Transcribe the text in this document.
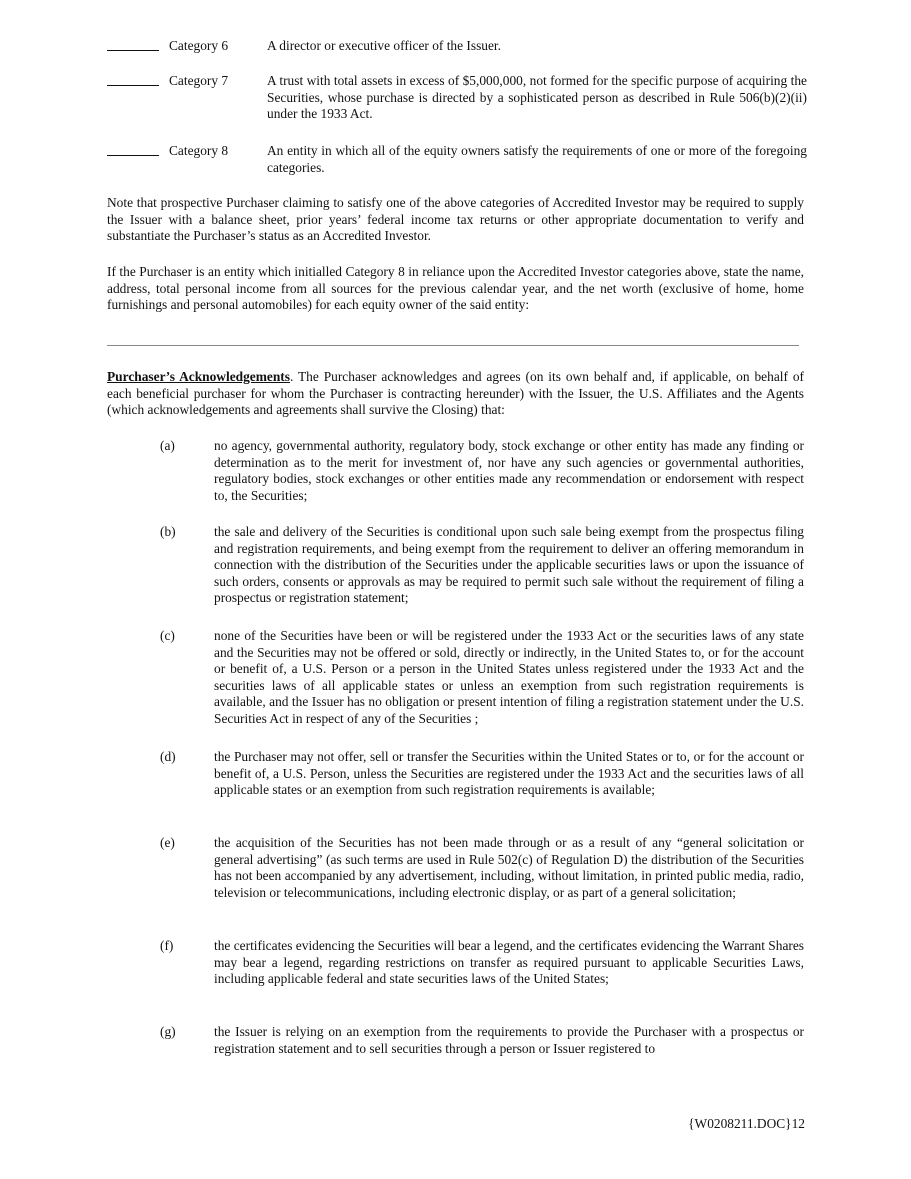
Category 6	A director or executive officer of the Issuer.
Category 7	A trust with total assets in excess of $5,000,000, not formed for the specific purpose of acquiring the Securities, whose purchase is directed by a sophisticated person as described in Rule 506(b)(2)(ii) under the 1933 Act.
Category 8	An entity in which all of the equity owners satisfy the requirements of one or more of the foregoing categories.

Note that prospective Purchaser claiming to satisfy one of the above categories of Accredited Investor may be required to supply the Issuer with a balance sheet, prior years’ federal income tax returns or other appropriate documentation to verify and substantiate the Purchaser’s status as an Accredited Investor.

If the Purchaser is an entity which initialled Category 8 in reliance upon the Accredited Investor categories above, state the name, address, total personal income from all sources for the previous calendar year, and the net worth (exclusive of home, home furnishings and personal automobiles) for each equity owner of the said entity:

Purchaser’s Acknowledgements. The Purchaser acknowledges and agrees (on its own behalf and, if applicable, on behalf of each beneficial purchaser for whom the Purchaser is contracting hereunder) with the Issuer, the U.S. Affiliates and the Agents (which acknowledgements and agreements shall survive the Closing) that:

(a)	no agency, governmental authority, regulatory body, stock exchange or other entity has made any finding or determination as to the merit for investment of, nor have any such agencies or governmental authorities, regulatory bodies, stock exchanges or other entities made any recommendation or endorsement with respect to, the Securities;
(b)	the sale and delivery of the Securities is conditional upon such sale being exempt from the prospectus filing and registration requirements, and being exempt from the requirement to deliver an offering memorandum in connection with the distribution of the Securities under the applicable securities laws or upon the issuance of such orders, consents or approvals as may be required to permit such sale without the requirement of filing a prospectus or registration statement;
(c)	none of the Securities have been or will be registered under the 1933 Act or the securities laws of any state and the Securities may not be offered or sold, directly or indirectly, in the United States to, or for the account or benefit of, a U.S. Person or a person in the United States unless registered under the 1933 Act and the securities laws of all applicable states or unless an exemption from such registration requirements is available, and the Issuer has no obligation or present intention of filing a registration statement under the U.S. Securities Act in respect of any of the Securities ;
(d)	the Purchaser may not offer, sell or transfer the Securities within the United States or to, or for the account or benefit of, a U.S. Person, unless the Securities are registered under the 1933 Act and the securities laws of all applicable states or an exemption from such registration requirements is available;
(e)	the acquisition of the Securities has not been made through or as a result of any “general solicitation or general advertising” (as such terms are used in Rule 502(c) of Regulation D) the distribution of the Securities has not been accompanied by any advertisement, including, without limitation, in printed public media, radio, television or telecommunications, including electronic display, or as part of a general solicitation;
(f)	the certificates evidencing the Securities will bear a legend, and the certificates evidencing the Warrant Shares may bear a legend, regarding restrictions on transfer as required pursuant to applicable Securities Laws, including applicable federal and state securities laws of the United States;
(g)	the Issuer is relying on an exemption from the requirements to provide the Purchaser with a prospectus or registration statement and to sell securities through a person or Issuer registered to
{W0208211.DOC}12
